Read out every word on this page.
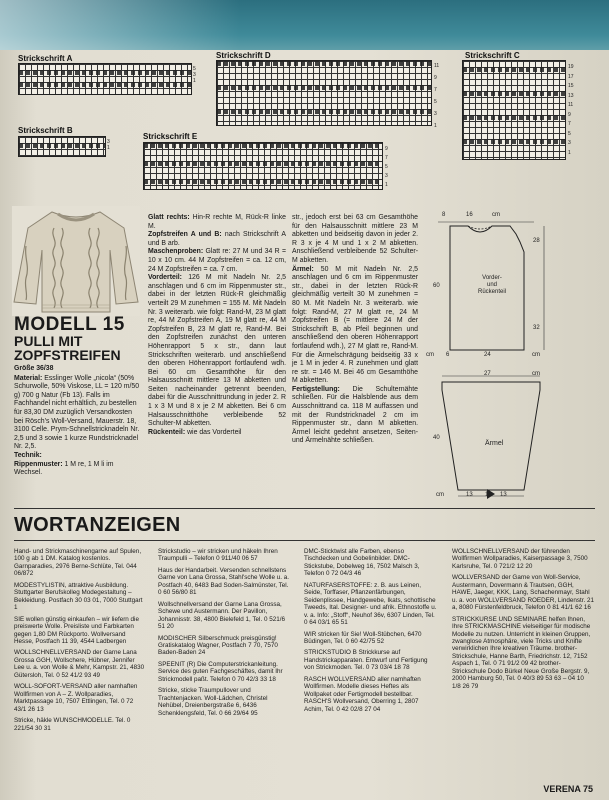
Strickschrift A
5
3
1
Strickschrift D
11

9

7

5

3

1
Strickschrift C
19
17
15
13
11
9
7
5
3
1
Strickschrift B
3
1
Strickschrift E
9
7
5
3
1
MODELL 15
PULLI MIT
ZOPFSTREIFEN
Größe 36/38
Material: Esslinger Wolle „nicola“ (50% Schurwolle, 50% Viskose, LL = 120 m/50 g) 700 g Natur (Fb 13). Falls im Fachhandel nicht erhältlich, zu bestellen für 83,30 DM zuzüglich Versandkosten bei Rösch's Woll-Versand, Mauerstr. 18, 3100 Celle. Prym-Schnellstricknadeln Nr. 2,5 und 3 sowie 1 kurze Rundstricknadel Nr. 2,5.
Technik:
Rippenmuster: 1 M re, 1 M li im Wechsel.

Glatt rechts: Hin-R rechte M, Rück-R linke M.

Zopfstreifen A und B: nach Strickschrift A und B arb.

Maschenproben: Glatt re: 27 M und 34 R = 10 x 10 cm. 44 M Zopfstreifen = ca. 12 cm, 24 M Zopfstreifen = ca. 7 cm.

Vorderteil: 126 M mit Nadeln Nr. 2,5 anschlagen und 6 cm im Rippenmuster str., dabei in der letzten Rück-R gleichmäßig verteilt 29 M zunehmen = 155 M. Mit Nadeln Nr. 3 weiterarb. wie folgt: Rand-M, 23 M glatt re, 44 M Zopfstreifen A, 19 M glatt re, 44 M Zopfstreifen B, 23 M glatt re, Rand-M. Bei den Zopfstreifen zunächst den unteren Höhenrapport 5 x str., dann laut Strickschriften weiterarb. und anschließend den oberen Höhenrapport fortlaufend wdh. Bei 60 cm Gesamthöhe für den Halsausschnitt mittlere 13 M abketten und Seiten nacheinander getrennt beenden, dabei für die Ausschnittrundung in jeder 2. R 1 x 3 M und 8 x je 2 M abketten. Bei 6 cm Halsausschnitthöhe verbleibende 52 Schulter-M abketten.

Rückenteil: wie das Vorderteil

str., jedoch erst bei 63 cm Gesamthöhe für den Halsausschnitt mittlere 23 M abketten und beidseitig davon in jeder 2. R 3 x je 4 M und 1 x 2 M abketten. Anschließend verbleibende 52 Schulter-M abketten.

Ärmel: 50 M mit Nadeln Nr. 2,5 anschlagen und 6 cm im Rippenmuster str., dabei in der letzten Rück-R gleichmäßig verteilt 30 M zunehmen = 80 M. Mit Nadeln Nr. 3 weiterarb. wie folgt: Rand-M, 27 M glatt re, 24 M Zopfstreifen B (= mittlere 24 M der Strickschrift B, ab Pfeil beginnen und anschließend den oberen Höhenrapport fortlaufend wdh.), 27 M glatt re, Rand-M. Für die Ärmelschrägung beidseitig 33 x je 1 M in jeder 4. R zunehmen und glatt re str. = 146 M. Bei 46 cm Gesamthöhe M abketten.

Fertigstellung: Die Schulternähte schließen. Für die Halsblende aus dem Ausschnittrand ca. 118 M auffassen und mit der Rundstricknadel 2 cm im Rippenmuster str., dann M abketten. Ärmel leicht gedehnt ansetzen, Seiten- und Ärmelnähte schließen.

8	16	cm
28
60
32
Vorder-
und
Rückenteil
cm 6	24	cm
27	cm
40
Ärmel
cm	13 1 13
WORTANZEIGEN

Hand- und Strickmaschinengarne auf Spulen, 100 g ab 1 DM. Katalog kostenlos. Garnparadies, 2976 Berne-Schlüte, Tel. 044 06/872

MODESTYLISTIN, attraktive Ausbildung. Stuttgarter Berufskolleg Modegestaltung – Bekleidung. Postfach 30 03 01, 7000 Stuttgart 1

SIE wollen günstig einkaufen – wir liefern die preiswerte Wolle. Preisliste und Farbkarten gegen 1,80 DM Rückporto. Wollversand Hesse, Postfach 11 39, 4544 Ladbergen

WOLLSCHNELLVERSAND der Garne Lana Grossa GGH, Wollschere, Hübner, Jennifer Lee u. a. von Wolle & Mehr, Kampstr. 21, 4830 Gütersloh, Tel. 0 52 41/2 93 49

WOLL-SOFORT-VERSAND aller namhaften Wollfirmen von A – Z. Wollparadies, Marktpassage 10, 7507 Ettlingen, Tel. 0 72 43/1 26 13

Stricke, häkle WUNSCHMODELLE. Tel. 0 221/54 30 31

Strickstudio – wir stricken und häkeln Ihren Traumpulli – Telefon 0 911/40 06 57

Haus der Handarbeit. Versenden schnellstens Garne von Lana Grossa, Stahl'sche Wolle u. a. Postfach 40, 6483 Bad Soden-Salmünster, Tel. 0 60 56/80 81

Wollschnellversand der Garne Lana Grossa, Schewe und Austermann. Der Pavillon, Johannisstr. 38, 4800 Bielefeld 1, Tel. 0 521/6 51 20

MODISCHER Silberschmuck preisgünstig! Gratiskatalog Wagner, Postfach 7 70, 7570 Baden-Baden 24

SPEENIT (R) Die Computerstrickanleitung. Service des guten Fachgeschäftes, damit Ihr Strickmodell paßt. Telefon 0 70 42/3 33 18

Stricke, sticke Traumpullover und Trachtenjacken. Woll-Lädchen, Christel Nehübel, Dreienbergstraße 6, 6436 Schenklengsfeld, Tel. 0 66 29/64 95

DMC-Sticktwist alle Farben, ebenso Tischdecken und Gobelinbilder. DMC-Stickstube, Dobelweg 16, 7502 Malsch 3, Telefon 0 72 04/3 46

NATURFASERSTOFFE: z. B. aus Leinen, Seide, Torffaser, Pflanzenfärbungen, Seidenplissee, Handgewebe, Ikats, schottische Tweeds, Ital. Designer- und afrik. Ethnostoffe u. v. a. Info: „Stoff“, Neuhof 36v, 6307 Linden, Tel. 0 64 03/1 65 51

WIR stricken für Sie! Woll-Stübchen, 6470 Büdingen, Tel. 0 60 42/75 52

STRICKSTUDIO B Strickkurse auf Handstrickapparaten. Entwurf und Fertigung von Strickmoden. Tel. 0 73 03/4 18 78

RASCH WOLLVERSAND aller namhaften Wollfirmen. Modelle dieses Heftes als Wollpaket oder Fertigmodell bestellbar. RASCH'S Wollversand, Oberring 1, 2807 Achim, Tel. 0 42 02/8 27 04

WOLLSCHNELLVERSAND der führenden Wollfirmen Wollparadies, Kaiserpassage 3, 7500 Karlsruhe, Tel. 0 721/2 12 20

WOLLVERSAND der Garne von Woll-Service, Austermann, Dovermann & Trautsen, GGH, HAWE, Jaeger, KKK, Lang, Schachenmayr, Stahl u. a. von WOLLVERSAND ROEDER, Lindenstr. 21 a, 8080 Fürstenfeldbruck, Telefon 0 81 41/1 62 16

STRICKKURSE UND SEMINARE helfen Ihnen, Ihre STRICKMASCHINE vielseitiger für modische Modelle zu nutzen. Unterricht in kleinen Gruppen, zwanglose Atmosphäre, viele Tricks und Knifte verwirklichen Ihre kreativen Träume. brother-Strickschule, Hanne Barth, Friedrichstr. 12, 7152 Aspach 1, Tel. 0 71 91/2 09 42 brother-Strickschule Dodo Bürkel Neue Große Bergstr. 9, 2000 Hamburg 50, Tel. 0 40/3 89 53 63 – 04 10 1/8 26 79

VERENA 75
